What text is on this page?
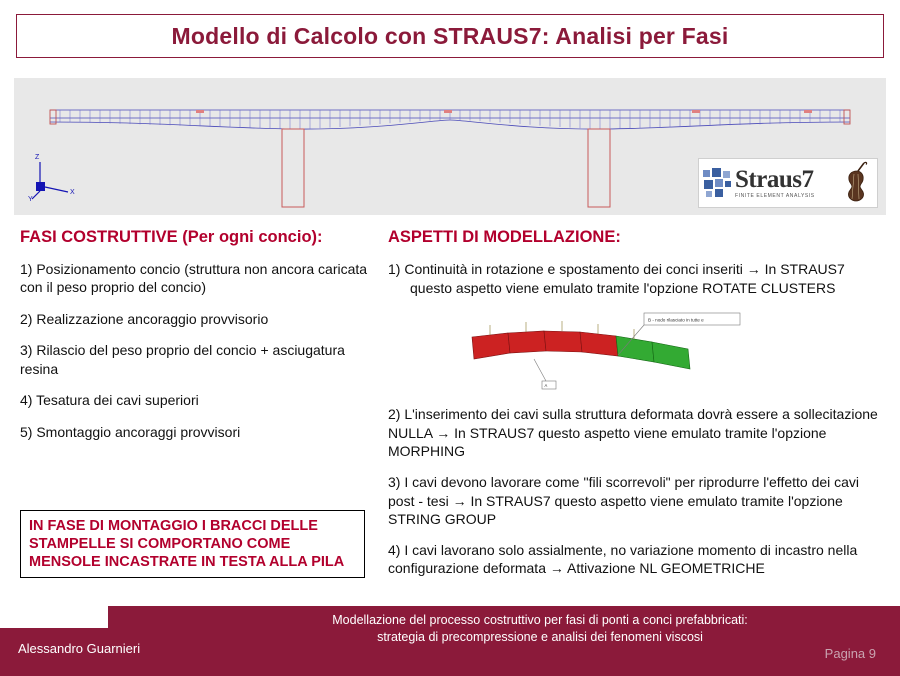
Modello di Calcolo con STRAUS7: Analisi per Fasi
Z
Y
X	Straus7
FINITE ELEMENT ANALYSIS
FASI COSTRUTTIVE (Per ogni concio):
1) Posizionamento concio (struttura non ancora caricata con il peso proprio del concio)
2) Realizzazione ancoraggio provvisorio
3) Rilascio del peso proprio del concio + asciugatura resina
4) Tesatura dei cavi superiori
5) Smontaggio ancoraggi provvisori
ASPETTI DI MODELLAZIONE:
1) Continuità in rotazione e spostamento dei conci inseriti → In STRAUS7 questo aspetto viene emulato tramite l'opzione ROTATE CLUSTERS
B - nodo rilasciato in tutte e
A
2) L'inserimento dei cavi sulla struttura deformata dovrà essere a sollecitazione NULLA → In STRAUS7 questo aspetto viene emulato tramite l'opzione MORPHING
3) I cavi devono lavorare come ''fili scorrevoli" per riprodurre l'effetto dei cavi post - tesi → In STRAUS7 questo aspetto viene emulato tramite l'opzione STRING GROUP
4) I cavi lavorano solo assialmente, no variazione momento di incastro nella configurazione deformata → Attivazione NL GEOMETRICHE
IN FASE DI MONTAGGIO I BRACCI DELLE STAMPELLE SI COMPORTANO COME MENSOLE INCASTRATE IN TESTA ALLA PILA
Alessandro Guarnieri
Modellazione del processo costruttivo per fasi di ponti a conci prefabbricati: strategia di precompressione e analisi dei fenomeni viscosi
Pagina 9
